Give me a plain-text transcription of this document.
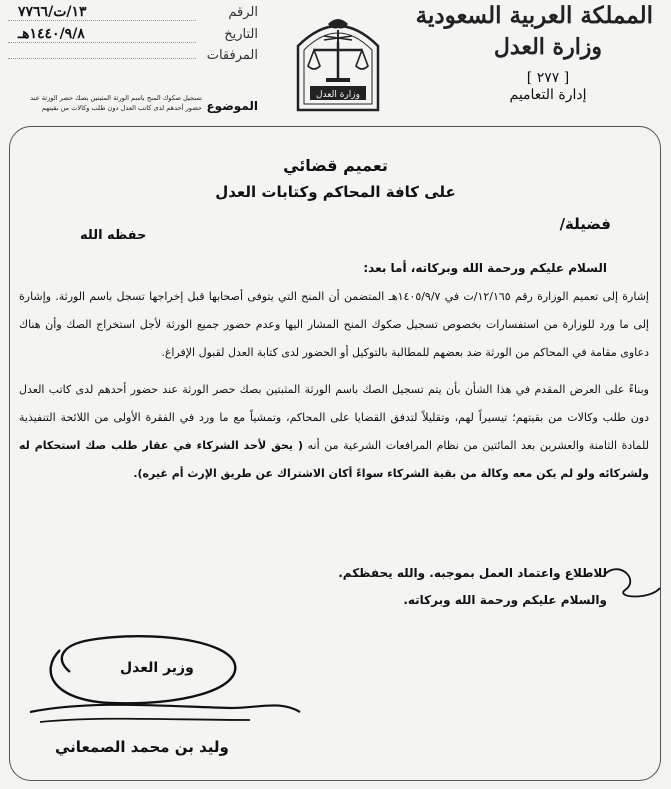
المملكة العربية السعودية
وزارة العدل
[ ٢٧٧ ]
إدارة التعاميم
وزارة العدل
الرقم
١٣/ت/٧٧٦٦
التاريخ
١٤٤٠/٩/٨هـ
المرفقات
الموضوع
تسجيل صكوك المنح باسم الورثة المثبتين بصك حصر الورثة عند
حضور أحدهم لدى كاتب العدل دون طلب وكالات من بقيتهم
تعميم قضائي
على كافة المحاكم وكتابات العدل
فضيلة/
حفظه الله
السلام عليكم ورحمة الله وبركاته، أما بعد:
إشارة إلى تعميم الوزارة رقم ١٢/١٦٥/ت في ١٤٠٥/٩/٧هـ المتضمن أن المنح التي يتوفى أصحابها قبل إخراجها تسجل باسم الورثة. وإشارة إلى ما ورد للوزارة من استفسارات بخصوص تسجيل صكوك المنح المشار اليها وعدم حضور جميع الورثة لأجل استخراج الصك وأن هناك دعاوى مقامة في المحاكم من الورثة ضد بعضهم للمطالبة بالتوكيل أو الحضور لدى كتابة العدل لقبول الإفراغ.
وبناءً على العرض المقدم في هذا الشأن بأن يتم تسجيل الصك باسم الورثة المثبتين بصك حصر الورثة عند حضور أحدهم لدى كاتب العدل دون طلب وكالات من بقيتهم؛ تيسيراً لهم، وتقليلاً لتدفق القضايا على المحاكم، وتمشياً مع ما ورد في الفقرة الأولى من اللائحة التنفيذية للمادة الثامنة والعشرين بعد المائتين من نظام المرافعات الشرعية من أنه ( يحق لأحد الشركاء في عقار طلب صك استحكام له ولشركائه ولو لم يكن معه وكالة من بقية الشركاء سواءً أكان الاشتراك عن طريق الإرث أم غيره).
للاطلاع واعتماد العمل بموجبه. والله يحفظكم.
والسلام عليكم ورحمة الله وبركاته.
وزير العدل
وليد بن محمد الصمعاني
